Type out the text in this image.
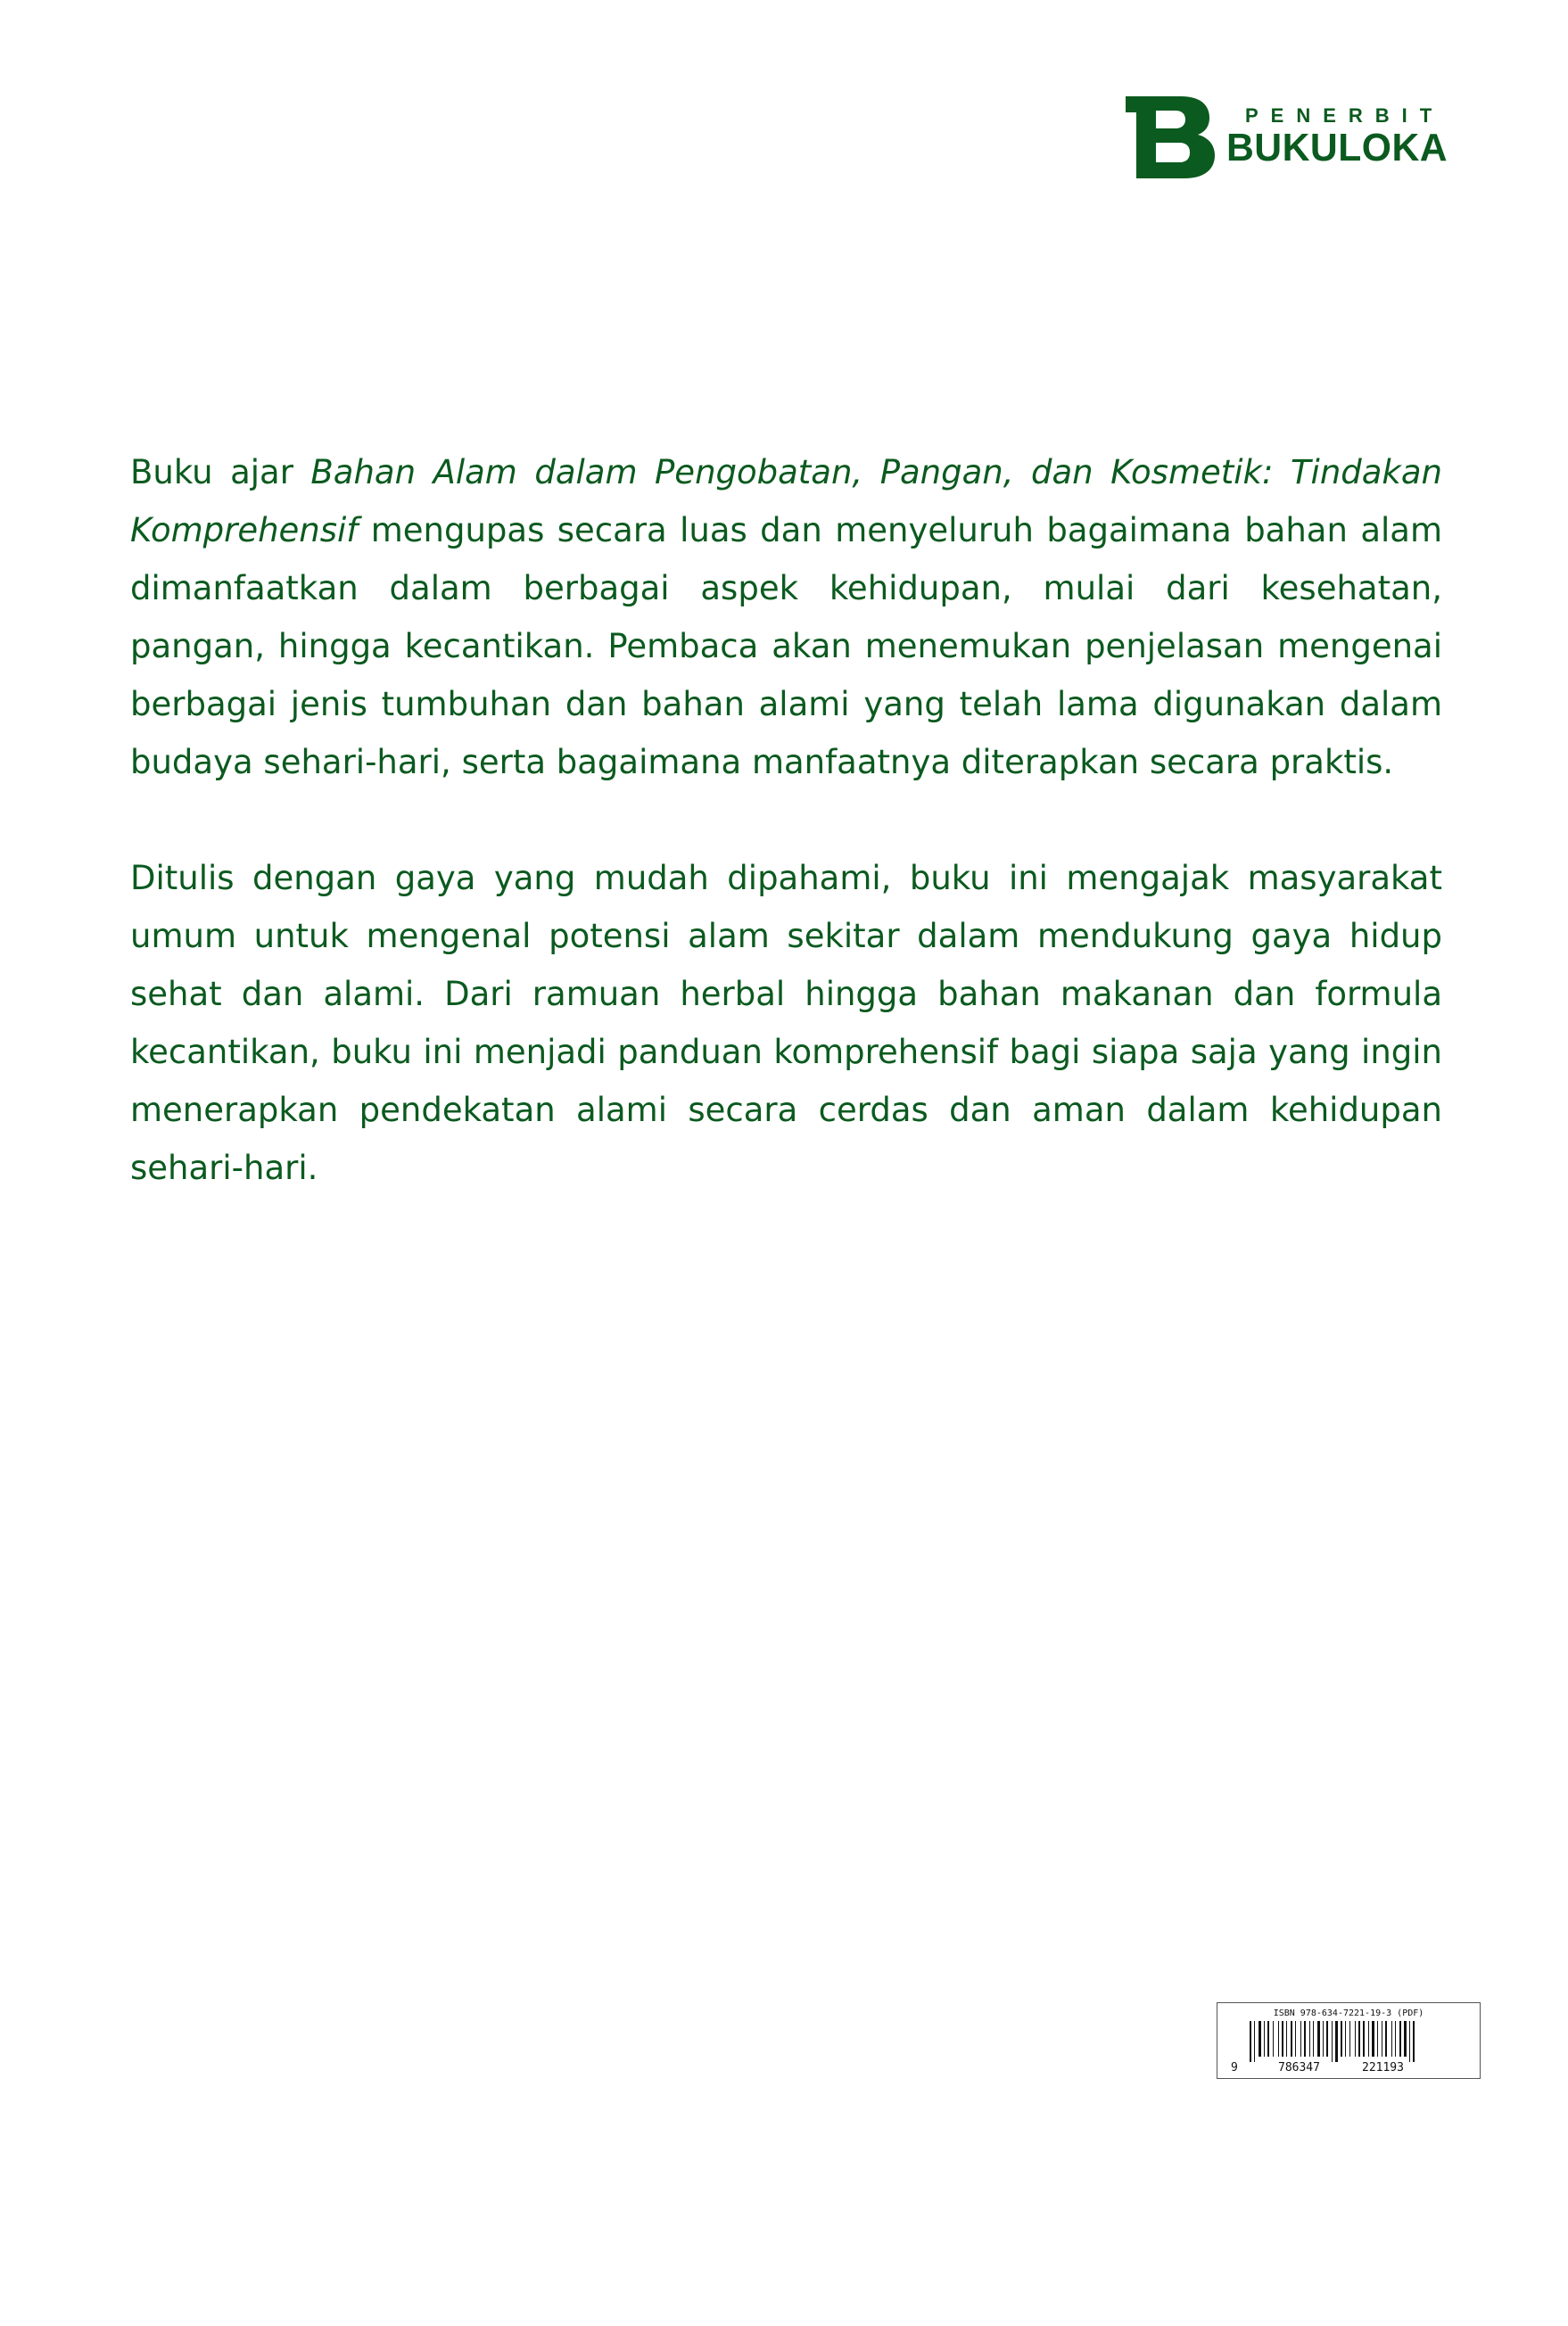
PENERBIT
BUKULOKA

Buku ajar Bahan Alam dalam Pengobatan, Pangan, dan Kosmetik: Tindakan Komprehensif mengupas secara luas dan menyeluruh bagaimana bahan alam dimanfaatkan dalam berbagai aspek kehidupan, mulai dari kesehatan, pangan, hingga kecantikan. Pembaca akan menemukan penjelasan mengenai berbagai jenis tumbuhan dan bahan alami yang telah lama digunakan dalam budaya sehari-hari, serta bagaimana manfaatnya diterapkan secara praktis.

Ditulis dengan gaya yang mudah dipahami, buku ini mengajak masyarakat umum untuk mengenal potensi alam sekitar dalam mendukung gaya hidup sehat dan alami. Dari ramuan herbal hingga bahan makanan dan formula kecantikan, buku ini menjadi panduan komprehensif bagi siapa saja yang ingin menerapkan pendekatan alami secara cerdas dan aman dalam kehidupan sehari-hari.

ISBN 978-634-7221-19-3 (PDF)
9	786347	221193
